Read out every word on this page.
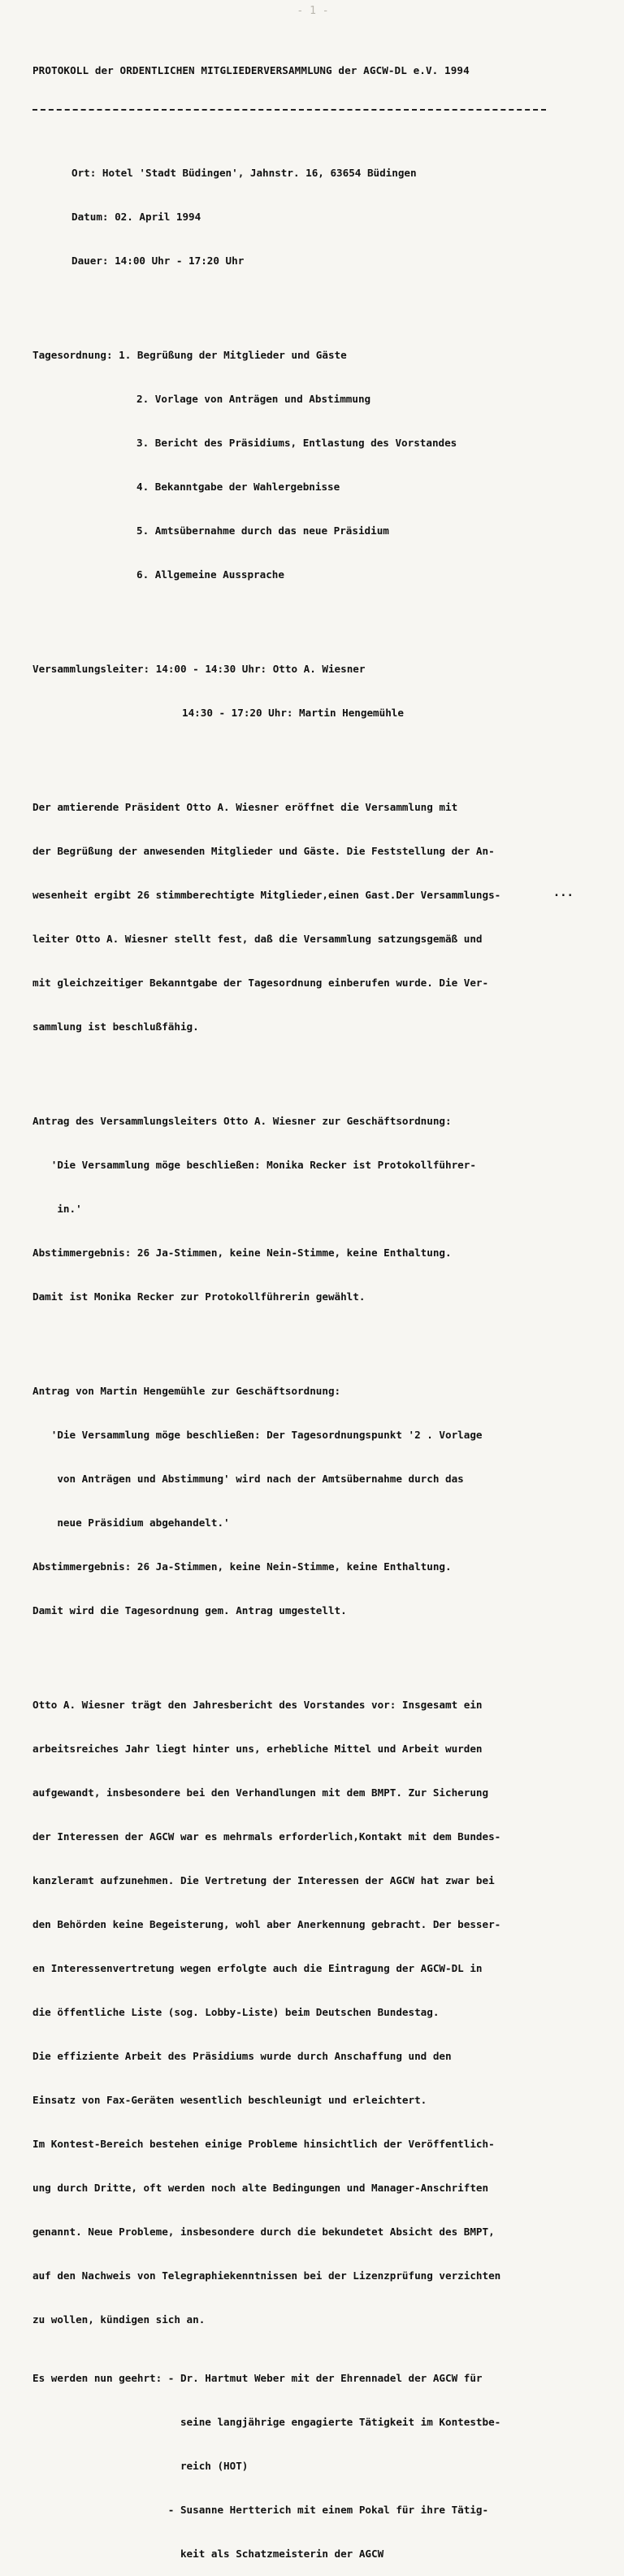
- 1 -

PROTOKOLL der ORDENTLICHEN MITGLIEDERVERSAMMLUNG der AGCW-DL e.V. 1994

Ort: Hotel 'Stadt Büdingen', Jahnstr. 16, 63654 Büdingen

Datum: 02. April 1994

Dauer: 14:00 Uhr - 17:20 Uhr

Tagesordnung: 1. Begrüßung der Mitglieder und Gäste

2. Vorlage von Anträgen und Abstimmung

3. Bericht des Präsidiums, Entlastung des Vorstandes

4. Bekanntgabe der Wahlergebnisse

5. Amtsübernahme durch das neue Präsidium

6. Allgemeine Aussprache

Versammlungsleiter: 14:00 - 14:30 Uhr: Otto A. Wiesner

14:30 - 17:20 Uhr: Martin Hengemühle

Der amtierende Präsident Otto A. Wiesner eröffnet die Versammlung mit

der Begrüßung der anwesenden Mitglieder und Gäste. Die Feststellung der An-

wesenheit ergibt 26 stimmberechtigte Mitglieder,einen Gast.Der Versammlungs-

leiter Otto A. Wiesner stellt fest, daß die Versammlung satzungsgemäß und

mit gleichzeitiger Bekanntgabe der Tagesordnung einberufen wurde. Die Ver-

sammlung ist beschlußfähig.

Antrag des Versammlungsleiters Otto A. Wiesner zur Geschäftsordnung:

'Die Versammlung möge beschließen: Monika Recker ist Protokollführer-

in.'

Abstimmergebnis: 26 Ja-Stimmen, keine Nein-Stimme, keine Enthaltung.

Damit ist Monika Recker zur Protokollführerin gewählt.

Antrag von Martin Hengemühle zur Geschäftsordnung:

'Die Versammlung möge beschließen: Der Tagesordnungspunkt '2 . Vorlage

von Anträgen und Abstimmung' wird nach der Amtsübernahme durch das

neue Präsidium abgehandelt.'

Abstimmergebnis: 26 Ja-Stimmen, keine Nein-Stimme, keine Enthaltung.

Damit wird die Tagesordnung gem. Antrag umgestellt.

Otto A. Wiesner trägt den Jahresbericht des Vorstandes vor: Insgesamt ein

arbeitsreiches Jahr liegt hinter uns, erhebliche Mittel und Arbeit wurden

aufgewandt, insbesondere bei den Verhandlungen mit dem BMPT. Zur Sicherung

der Interessen der AGCW war es mehrmals erforderlich,Kontakt mit dem Bundes-

kanzleramt aufzunehmen. Die Vertretung der Interessen der AGCW hat zwar bei

den Behörden keine Begeisterung, wohl aber Anerkennung gebracht. Der besser-

en Interessenvertretung wegen erfolgte auch die Eintragung der AGCW-DL in

die öffentliche Liste (sog. Lobby-Liste) beim Deutschen Bundestag.

Die effiziente Arbeit des Präsidiums wurde durch Anschaffung und den

Einsatz von Fax-Geräten wesentlich beschleunigt und erleichtert.

Im Kontest-Bereich bestehen einige Probleme hinsichtlich der Veröffentlich-

ung durch Dritte, oft werden noch alte Bedingungen und Manager-Anschriften

genannt. Neue Probleme, insbesondere durch die bekundetet Absicht des BMPT,

auf den Nachweis von Telegraphiekenntnissen bei der Lizenzprüfung verzichten

zu wollen, kündigen sich an.

Es werden nun geehrt: - Dr. Hartmut Weber mit der Ehrennadel der AGCW für

seine langjährige engagierte Tätigkeit im Kontestbe-

reich (HOT)

- Susanne Hertterich mit einem Pokal für ihre Tätig-

keit als Schatzmeisterin der AGCW

...
